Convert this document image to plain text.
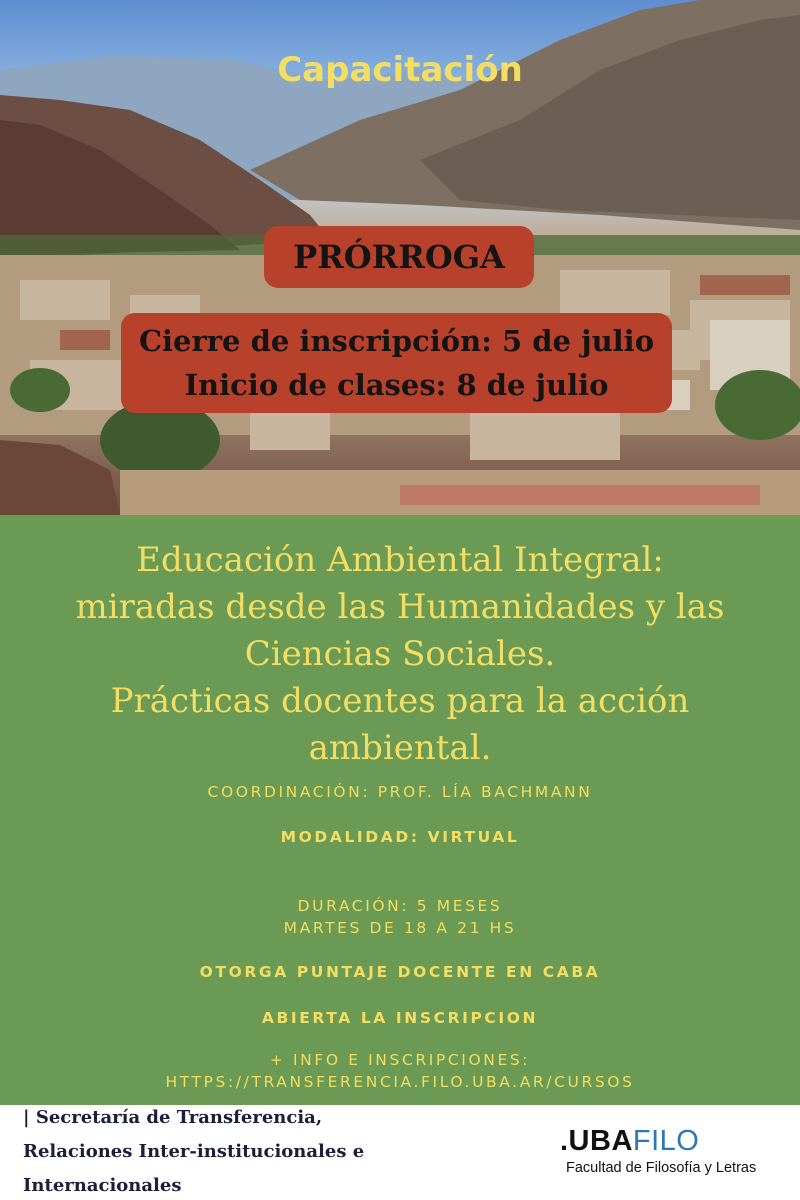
Capacitación
PRÓRROGA
Cierre de inscripción: 5 de julio
Inicio de clases: 8 de julio
Educación Ambiental Integral:
miradas desde las Humanidades y las
Ciencias Sociales.
Prácticas docentes para la acción
ambiental.
COORDINACIÓN: PROF. LÍA BACHMANN
MODALIDAD: VIRTUAL
DURACIÓN: 5 MESES
MARTES DE 18 A 21 HS
OTORGA PUNTAJE DOCENTE EN CABA
ABIERTA LA INSCRIPCION
+ INFO E INSCRIPCIONES:
HTTPS://TRANSFERENCIA.FILO.UBA.AR/CURSOS
| Secretaría de Transferencia,
Relaciones Inter-institucionales e
Internacionales
.UBAFILO
Facultad de Filosofía y Letras
